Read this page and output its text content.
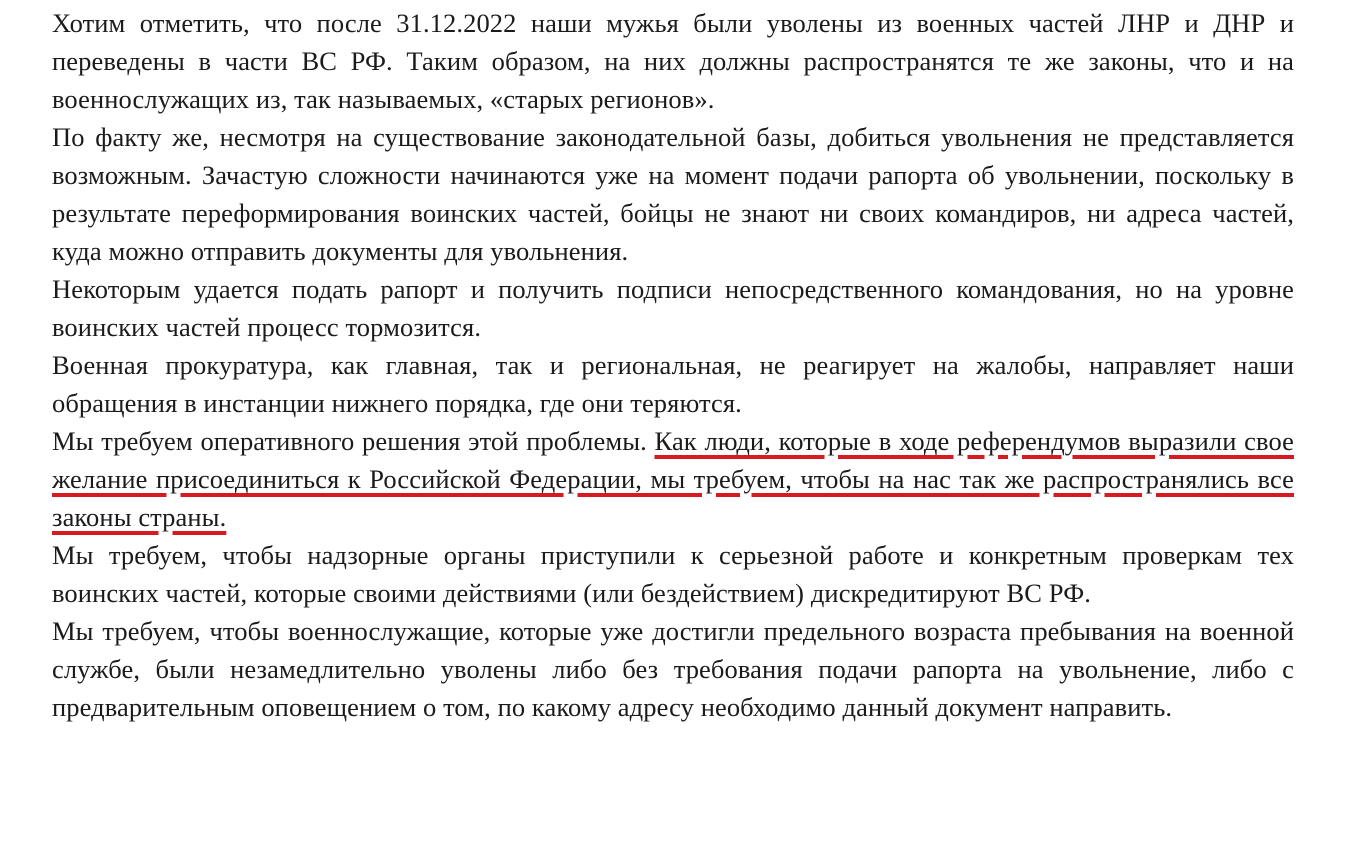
Хотим отметить, что после 31.12.2022 наши мужья были уволены из военных частей ЛНР и ДНР и переведены в части ВС РФ. Таким образом, на них должны распространятся те же законы, что и на военнослужащих из, так называемых, «старых регионов».

По факту же, несмотря на существование законодательной базы, добиться увольнения не представляется возможным. Зачастую сложности начинаются уже на момент подачи рапорта об увольнении, поскольку в результате переформирования воинских частей, бойцы не знают ни своих командиров, ни адреса частей, куда можно отправить документы для увольнения.

Некоторым удается подать рапорт и получить подписи непосредственного командования, но на уровне воинских частей процесс тормозится.

Военная прокуратура, как главная, так и региональная, не реагирует на жалобы, направляет наши обращения в инстанции нижнего порядка, где они теряются.

Мы требуем оперативного решения этой проблемы. Как люди, которые в ходе референдумов выразили свое желание присоединиться к Российской Федерации, мы требуем, чтобы на нас так же распространялись все законы страны.

Мы требуем, чтобы надзорные органы приступили к серьезной работе и конкретным проверкам тех воинских частей, которые своими действиями (или бездействием) дискредитируют ВС РФ.

Мы требуем, чтобы военнослужащие, которые уже достигли предельного возраста пребывания на военной службе, были незамедлительно уволены либо без требования подачи рапорта на увольнение, либо с предварительным оповещением о том, по какому адресу необходимо данный документ направить.
